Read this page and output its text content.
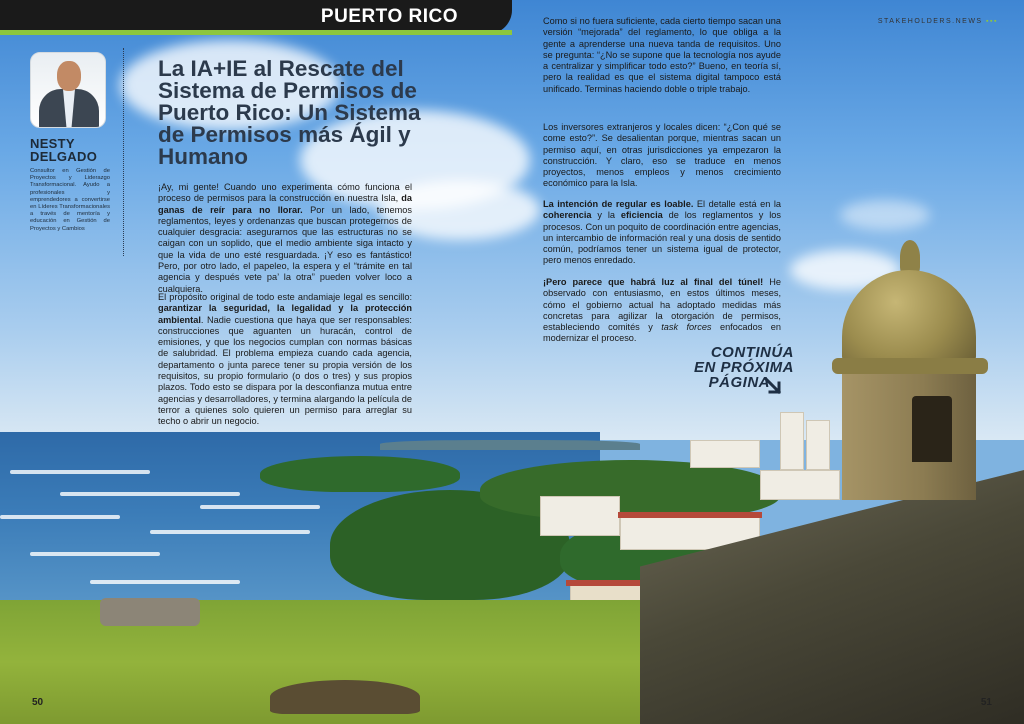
PUERTO RICO	STAKEHOLDERS.NEWS ▪▪▪
50	51
NESTY
DELGADO
Consultor en Gestión de Proyectos y Liderazgo Transformacional. Ayudo a profesionales y emprendedores a convertirse en Líderes Transformacionales a través de mentoría y educación en Gestión de Proyectos y Cambios
La IA+IE al Rescate del Sistema de Permisos de Puerto Rico: Un Sistema de Permisos más Ágil y Humano
¡Ay, mi gente! Cuando uno experimenta cómo funciona el proceso de permisos para la construcción en nuestra Isla, da ganas de reír para no llorar. Por un lado, tenemos reglamentos, leyes y ordenanzas que buscan protegernos de cualquier desgracia: asegurarnos que las estructuras no se caigan con un soplido, que el medio ambiente siga intacto y que la vida de uno esté resguardada. ¡Y eso es fantástico! Pero, por otro lado, el papeleo, la espera y el “trámite en tal agencia y después vete pa’ la otra” pueden volver loco a cualquiera.
El propósito original de todo este andamiaje legal es sencillo: garantizar la seguridad, la legalidad y la protección ambiental. Nadie cuestiona que haya que ser responsables: construcciones que aguanten un huracán, control de emisiones, y que los negocios cumplan con normas básicas de salubridad. El problema empieza cuando cada agencia, departamento o junta parece tener su propia versión de los requisitos, su propio formulario (o dos o tres) y sus propios plazos. Todo esto se dispara por la desconfianza mutua entre agencias y desarrolladores, y termina alargando la película de terror a quienes solo quieren un permiso para arreglar su techo o abrir un negocio.
Como si no fuera suficiente, cada cierto tiempo sacan una versión “mejorada” del reglamento, lo que obliga a la gente a aprenderse una nueva tanda de requisitos. Uno se pregunta: “¿No se supone que la tecnología nos ayude a centralizar y simplificar todo esto?” Bueno, en teoría sí, pero la realidad es que el sistema digital tampoco está unificado. Terminas haciendo doble o triple trabajo.
Los inversores extranjeros y locales dicen: “¿Con qué se come esto?”. Se desalientan porque, mientras sacan un permiso aquí, en otras jurisdicciones ya empezaron la construcción. Y claro, eso se traduce en menos proyectos, menos empleos y menos crecimiento económico para la Isla.
La intención de regular es loable. El detalle está en la coherencia y la eficiencia de los reglamentos y los procesos. Con un poquito de coordinación entre agencias, un intercambio de información real y una dosis de sentido común, podríamos tener un sistema igual de protector, pero menos enredado.
¡Pero parece que habrá luz al final del túnel! He observado con entusiasmo, en estos últimos meses, cómo el gobierno actual ha adoptado medidas más concretas para agilizar la otorgación de permisos, estableciendo comités y task forces enfocados en modernizar el proceso.
CONTINÚA
EN PRÓXIMA
PÁGINA
